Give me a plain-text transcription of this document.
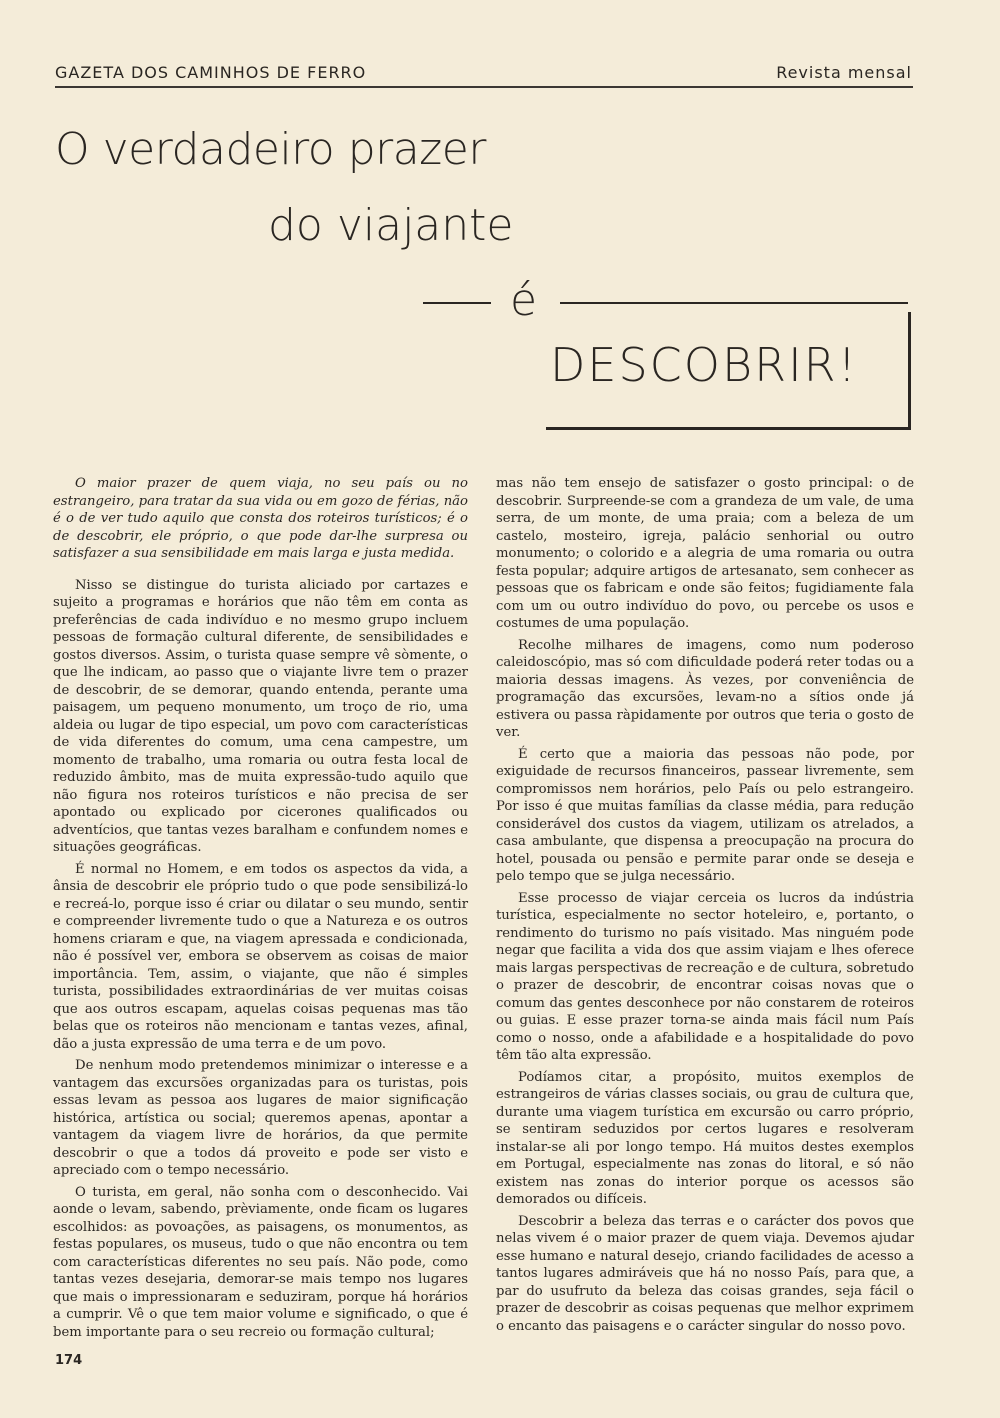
GAZETA DOS CAMINHOS DE FERRO	Revista mensal
O verdadeiro prazer
do viajante
é
DESCOBRIR!

O maior prazer de quem viaja, no seu país ou no estrangeiro, para tratar da sua vida ou em gozo de férias, não é o de ver tudo aquilo que consta dos roteiros turísticos; é o de descobrir, ele próprio, o que pode dar-lhe surpresa ou satisfazer a sua sensibilidade em mais larga e justa medida.

Nisso se distingue do turista aliciado por cartazes e sujeito a programas e horários que não têm em conta as preferências de cada indivíduo e no mesmo grupo incluem pessoas de formação cultural diferente, de sensibilidades e gostos diversos. Assim, o turista quase sempre vê sòmente, o que lhe indicam, ao passo que o viajante livre tem o prazer de descobrir, de se demorar, quando entenda, perante uma paisagem, um pequeno monumento, um troço de rio, uma aldeia ou lugar de tipo especial, um povo com características de vida diferentes do comum, uma cena campestre, um momento de trabalho, uma romaria ou outra festa local de reduzido âmbito, mas de muita expressão-tudo aquilo que não figura nos roteiros turísticos e não precisa de ser apontado ou explicado por cicerones qualificados ou adventícios, que tantas vezes baralham e confundem nomes e situações geográficas.

É normal no Homem, e em todos os aspectos da vida, a ânsia de descobrir ele próprio tudo o que pode sensibilizá-lo e recreá-lo, porque isso é criar ou dilatar o seu mundo, sentir e compreender livremente tudo o que a Natureza e os outros homens criaram e que, na viagem apressada e condicionada, não é possível ver, embora se observem as coisas de maior importância. Tem, assim, o viajante, que não é simples turista, possibilidades extraordinárias de ver muitas coisas que aos outros escapam, aquelas coisas pequenas mas tão belas que os roteiros não mencionam e tantas vezes, afinal, dão a justa expressão de uma terra e de um povo.

De nenhum modo pretendemos minimizar o interesse e a vantagem das excursões organizadas para os turistas, pois essas levam as pessoa aos lugares de maior significação histórica, artística ou social; queremos apenas, apontar a vantagem da viagem livre de horários, da que permite descobrir o que a todos dá proveito e pode ser visto e apreciado com o tempo necessário.

O turista, em geral, não sonha com o desconhecido. Vai aonde o levam, sabendo, prèviamente, onde ficam os lugares escolhidos: as povoações, as paisagens, os monumentos, as festas populares, os museus, tudo o que não encontra ou tem com características diferentes no seu país. Não pode, como tantas vezes desejaria, demorar-se mais tempo nos lugares que mais o impressionaram e seduziram, porque há horários a cumprir. Vê o que tem maior volume e significado, o que é bem importante para o seu recreio ou formação cultural;

mas não tem ensejo de satisfazer o gosto principal: o de descobrir. Surpreende-se com a grandeza de um vale, de uma serra, de um monte, de uma praia; com a beleza de um castelo, mosteiro, igreja, palácio senhorial ou outro monumento; o colorido e a alegria de uma romaria ou outra festa popular; adquire artigos de artesanato, sem conhecer as pessoas que os fabricam e onde são feitos; fugidiamente fala com um ou outro indivíduo do povo, ou percebe os usos e costumes de uma população.

Recolhe milhares de imagens, como num poderoso caleidoscópio, mas só com dificuldade poderá reter todas ou a maioria dessas imagens. Às vezes, por conveniência de programação das excursões, levam-no a sítios onde já estivera ou passa ràpidamente por outros que teria o gosto de ver.

É certo que a maioria das pessoas não pode, por exiguidade de recursos financeiros, passear livremente, sem compromissos nem horários, pelo País ou pelo estrangeiro. Por isso é que muitas famílias da classe média, para redução considerável dos custos da viagem, utilizam os atrelados, a casa ambulante, que dispensa a preocupação na procura do hotel, pousada ou pensão e permite parar onde se deseja e pelo tempo que se julga necessário.

Esse processo de viajar cerceia os lucros da indústria turística, especialmente no sector hoteleiro, e, portanto, o rendimento do turismo no país visitado. Mas ninguém pode negar que facilita a vida dos que assim viajam e lhes oferece mais largas perspectivas de recreação e de cultura, sobretudo o prazer de descobrir, de encontrar coisas novas que o comum das gentes desconhece por não constarem de roteiros ou guias. E esse prazer torna-se ainda mais fácil num País como o nosso, onde a afabilidade e a hospitalidade do povo têm tão alta expressão.

Podíamos citar, a propósito, muitos exemplos de estrangeiros de várias classes sociais, ou grau de cultura que, durante uma viagem turística em excursão ou carro próprio, se sentiram seduzidos por certos lugares e resolveram instalar-se ali por longo tempo. Há muitos destes exemplos em Portugal, especialmente nas zonas do litoral, e só não existem nas zonas do interior porque os acessos são demorados ou difíceis.

Descobrir a beleza das terras e o carácter dos povos que nelas vivem é o maior prazer de quem viaja. Devemos ajudar esse humano e natural desejo, criando facilidades de acesso a tantos lugares admiráveis que há no nosso País, para que, a par do usufruto da beleza das coisas grandes, seja fácil o prazer de descobrir as coisas pequenas que melhor exprimem o encanto das paisagens e o carácter singular do nosso povo.

174
